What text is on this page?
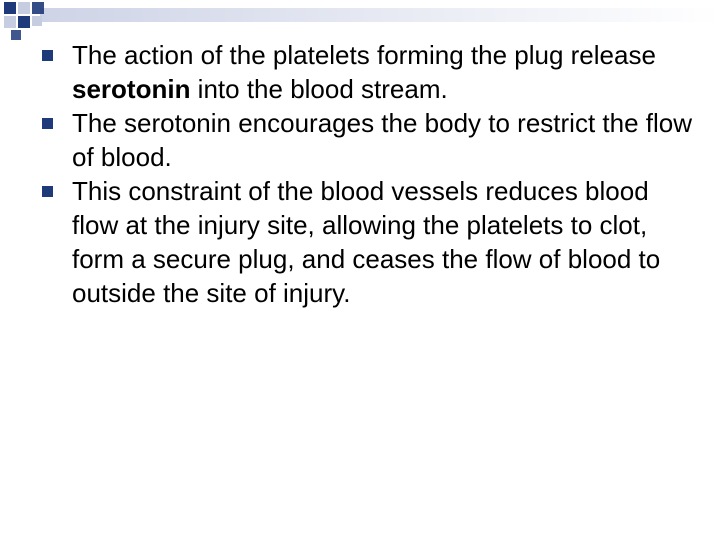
The action of the platelets forming the plug release serotonin into the blood stream.
The serotonin encourages the body to restrict the flow of blood.
This constraint of the blood vessels reduces blood flow at the injury site, allowing the platelets to clot, form a secure plug, and ceases the flow of blood to outside the site of injury.
